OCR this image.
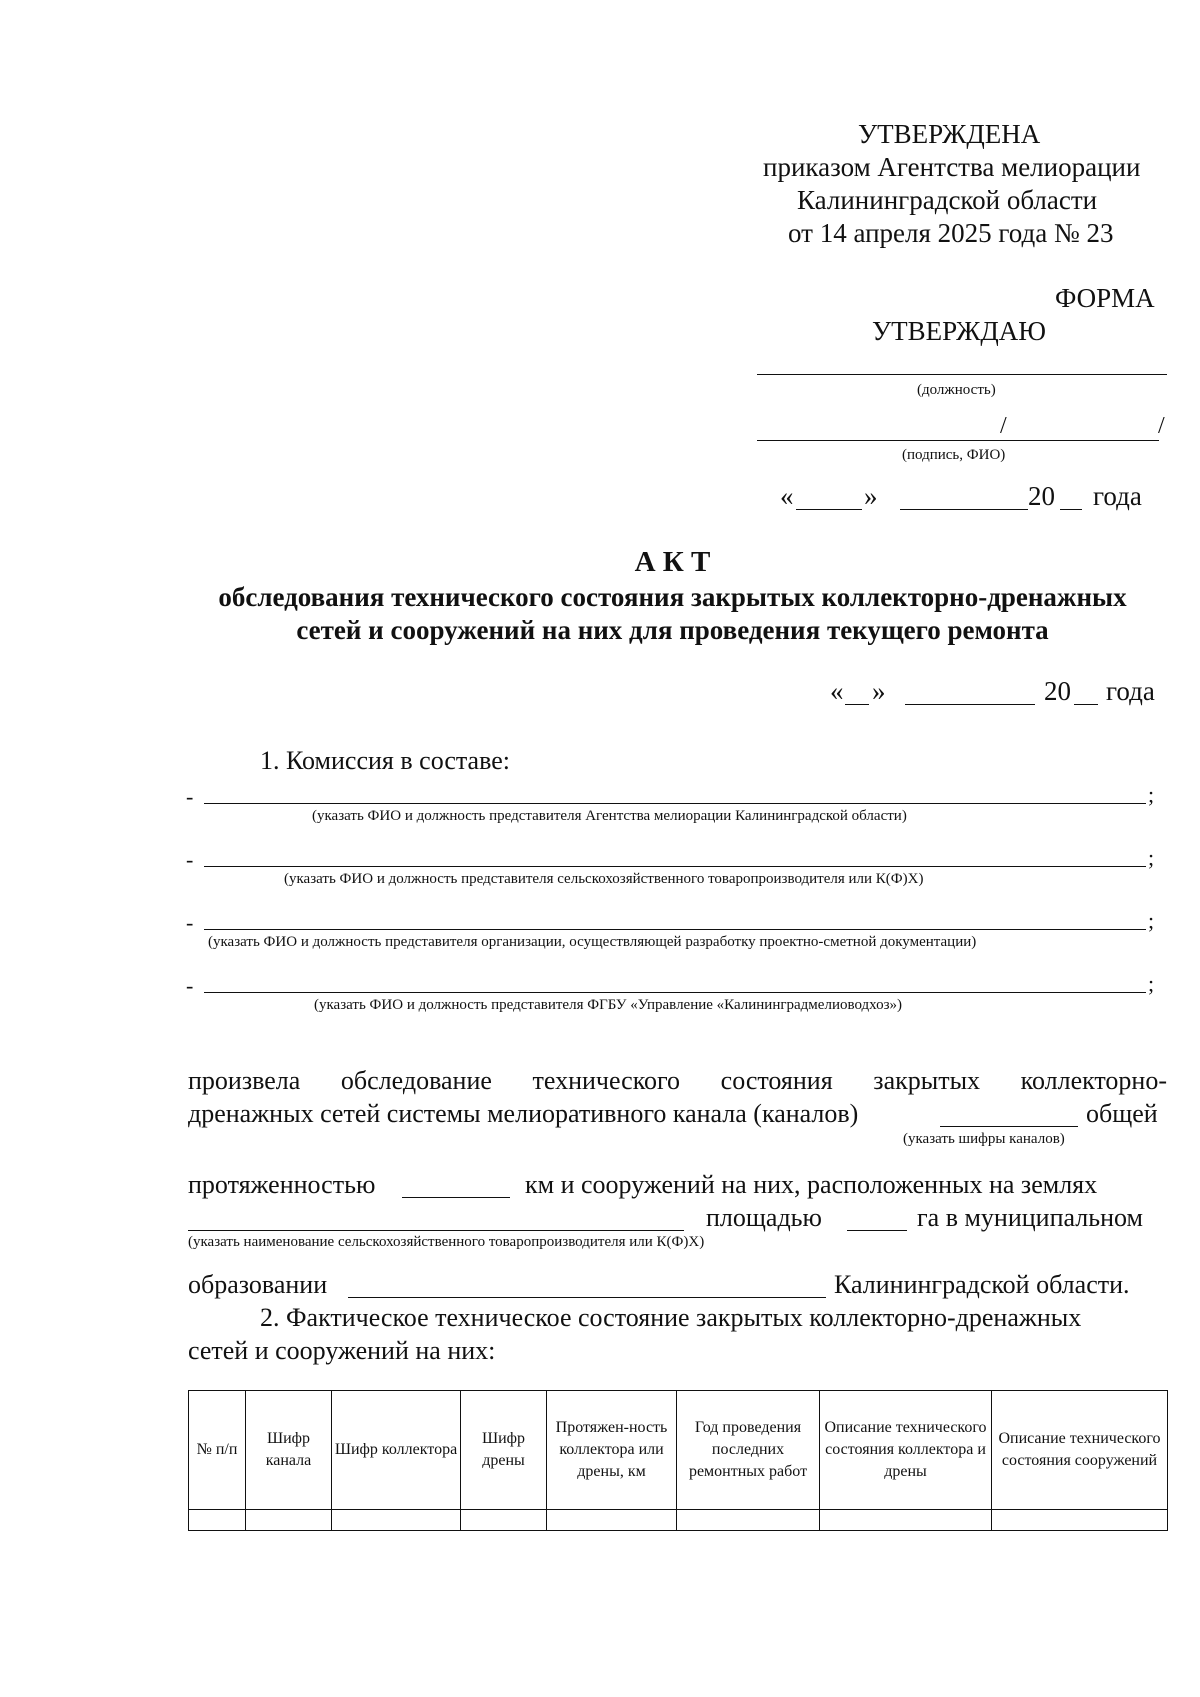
УТВЕРЖДЕНА
приказом Агентства мелиорации
Калининградской области
от 14 апреля 2025 года № 23
ФОРМА
УТВЕРЖДАЮ
(должность)
/	/
(подпись, ФИО)
«	»	20 года
А К Т
обследования технического состояния закрытых коллекторно-дренажных
сетей и сооружений на них для проведения текущего ремонта
« »	20 года
1. Комиссия в составе:
-	;
(указать ФИО и должность представителя Агентства мелиорации Калининградской области)
-	;
(указать ФИО и должность представителя сельскохозяйственного товаропроизводителя или К(Ф)Х)
-	;
(указать ФИО и должность представителя организации, осуществляющей разработку проектно-сметной документации)
-	;
(указать ФИО и должность представителя ФГБУ «Управление «Калининградмелиоводхоз»)
произвела обследование технического состояния закрытых коллекторно-
дренажных сетей системы мелиоративного канала (каналов)	общей
(указать шифры каналов)
протяженностью	км и сооружений на них, расположенных на землях
площадью	га в муниципальном
(указать наименование сельскохозяйственного товаропроизводителя или К(Ф)Х)
образовании	Калининградской области.
2. Фактическое техническое состояние закрытых коллекторно-дренажных
сетей и сооружений на них:
№ п/п	Шифр канала	Шифр коллектора	Шифр дрены	Протяжен-ность коллектора или дрены, км	Год проведения последних ремонтных работ	Описание технического состояния коллектора и дрены	Описание технического состояния сооружений
